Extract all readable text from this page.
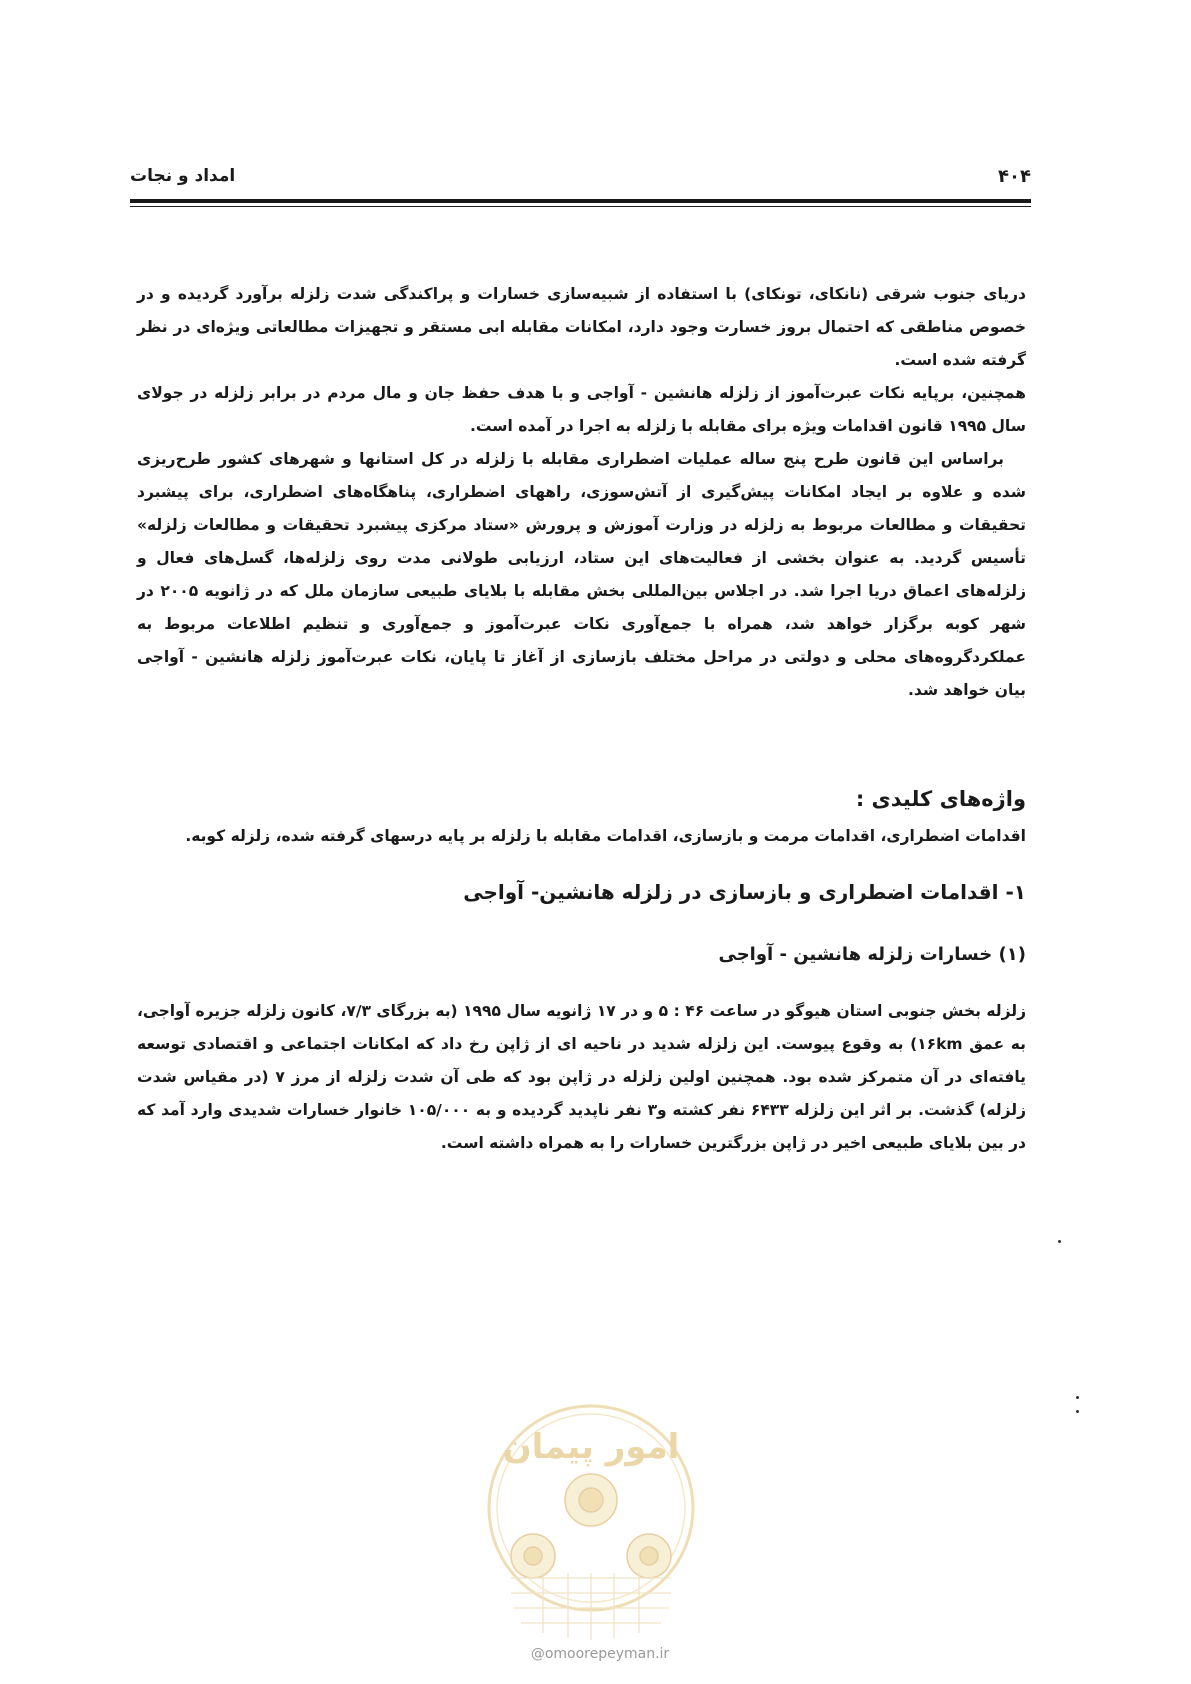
۴۰۴
امداد و نجات

دریای جنوب شرقی (نانکای، تونکای) با استفاده از شبیه‌سازی خسارات و پراکندگی شدت زلزله برآورد گردیده و در خصوص مناطقی که احتمال بروز خسارت وجود دارد، امکانات مقابله ابی مستقر و تجهیزات مطالعاتی ویژه‌ای در نظر گرفته شده است.

همچنین، برپایه نکات عبرت‌آموز از زلزله هانشین - آواجی و با هدف حفظ جان و مال مردم در برابر زلزله در جولای سال ۱۹۹۵ قانون اقدامات ویژه برای مقابله با زلزله به اجرا در آمده است.

براساس این قانون طرح پنج ساله عملیات اضطراری مقابله با زلزله در کل استانها و شهرهای کشور طرح‌ریزی شده و علاوه بر ایجاد امکانات پیش‌گیری از آتش‌سوزی، راههای اضطراری، پناهگاه‌های اضطراری، برای پیشبرد تحقیقات و مطالعات مربوط به زلزله در وزارت آموزش و پرورش «ستاد مرکزی پیشبرد تحقیقات و مطالعات زلزله» تأسیس گردید. به عنوان بخشی از فعالیت‌های این ستاد، ارزیابی طولانی مدت روی زلزله‌ها، گسل‌های فعال و زلزله‌های اعماق دریا اجرا شد. در اجلاس بین‌المللی بخش مقابله با بلایای طبیعی سازمان ملل که در ژانویه ۲۰۰۵ در شهر کوبه برگزار خواهد شد، همراه با جمع‌آوری نکات عبرت‌آموز و جمع‌آوری و تنظیم اطلاعات مربوط به عملکردگروه‌های محلی و دولتی در مراحل مختلف بازسازی از آغاز تا پایان، نکات عبرت‌آموز زلزله هانشین - آواجی بیان خواهد شد.

واژه‌های کلیدی :
اقدامات اضطراری، اقدامات مرمت و بازسازی، اقدامات مقابله با زلزله بر پایه درسهای گرفته شده، زلزله کوبه.
۱- اقدامات اضطراری و بازسازی در زلزله هانشین- آواجی
(۱) خسارات زلزله هانشین - آواجی

زلزله بخش جنوبی استان هیوگو در ساعت ۴۶ : ۵ و در ۱۷ ژانویه سال ۱۹۹۵ (به بزرگای ۷/۳، کانون زلزله جزیره آواجی، به عمق ۱۶km) به وقوع پیوست. این زلزله شدید در ناحیه ای از ژاپن رخ داد که امکانات اجتماعی و اقتصادی توسعه یافته‌ای در آن متمرکز شده بود. همچنین اولین زلزله در ژاپن بود که طی آن شدت زلزله از مرز ۷ (در مقیاس شدت زلزله) گذشت. بر اثر این زلزله ۶۴۳۳ نفر کشته و۳ نفر ناپدید گردیده و به ۱۰۵/۰۰۰ خانوار خسارات شدیدی وارد آمد که در بین بلایای طبیعی اخیر در ژاپن بزرگترین خسارات را به همراه داشته است.

امور پیمان
@omoorepeyman.ir
